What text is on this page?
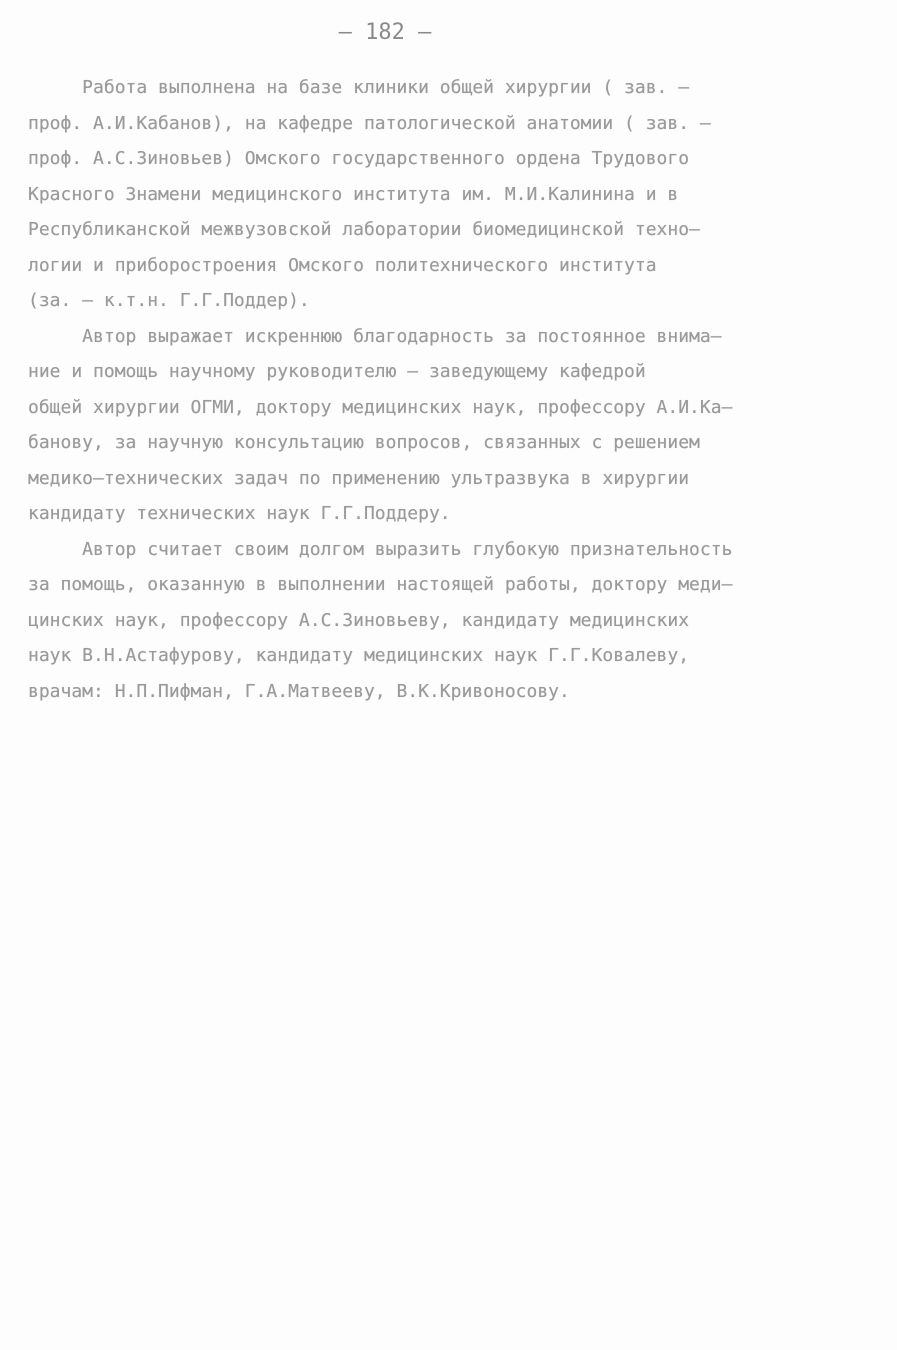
– 182 –
Работа выполнена на базе клиники общей хирургии ( зав. –
проф. А.И.Кабанов), на кафедре патологической анатомии ( зав. –
проф. А.С.Зиновьев) Омского государственного ордена Трудового
Красного Знамени медицинского института им. М.И.Калинина и в
Республиканской межвузовской лаборатории биомедицинской техно–
логии и приборостроения Омского политехнического института
(за. – к.т.н. Г.Г.Поддер).
Автор выражает искреннюю благодарность за постоянное внима–
ние и помощь научному руководителю – заведующему кафедрой
общей хирургии ОГМИ, доктору медицинских наук, профессору А.И.Ка–
банову, за научную консультацию вопросов, связанных с решением
медико–технических задач по применению ультразвука в хирургии
кандидату технических наук Г.Г.Поддеру.
Автор считает своим долгом выразить глубокую признательность
за помощь, оказанную в выполнении настоящей работы, доктору меди–
цинских наук, профессору А.С.Зиновьеву, кандидату медицинских
наук В.Н.Астафурову, кандидату медицинских наук Г.Г.Ковалеву,
врачам: Н.П.Пифман, Г.А.Матвееву, В.К.Кривоносову.
